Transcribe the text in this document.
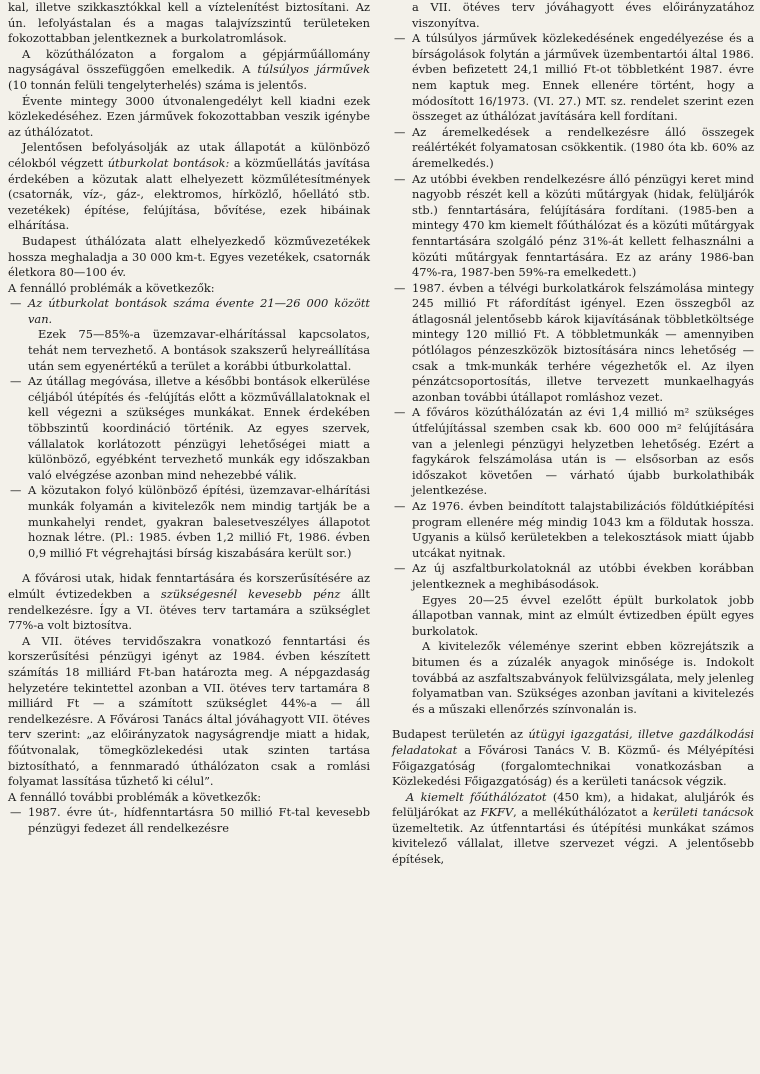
kal, illetve szikkasztókkal kell a víztelenítést biztosítani. Az ún. lefolyástalan és a magas talajvízszintű területeken fokozottabban jelentkeznek a burkolatromlások.

A közúthálózaton a forgalom a gépjárműállomány nagyságával összefüggően emelkedik. A túlsúlyos járművek (10 tonnán felüli tengelyterhelés) száma is jelentős.

Évente mintegy 3000 útvonalengedélyt kell kiadni ezek közlekedéséhez. Ezen járművek fokozottabban veszik igénybe az úthálózatot.

Jelentősen befolyásolják az utak állapotát a különböző célokból végzett útburkolat bontások: a közműellátás javítása érdekében a közutak alatt elhelyezett közműlétesítmények (csatornák, víz-, gáz-, elektromos, hírközlő, hőellátó stb. vezetékek) építése, felújítása, bővítése, ezek hibáinak elhárítása.

Budapest úthálózata alatt elhelyezkedő közművezetékek hossza meghaladja a 30 000 km-t. Egyes vezetékek, csatornák életkora 80—100 év.

A fennálló problémák a következők:

— Az útburkolat bontások száma évente 21—26 000 között van.

Ezek 75—85%-a üzemzavar-elhárítással kapcsolatos, tehát nem tervezhető. A bontások szakszerű helyreállítása után sem egyenértékű a terület a korábbi útburkolattal.

— Az útállag megóvása, illetve a későbbi bontások elkerülése céljából útépítés és -felújítás előtt a közművállalatoknak el kell végezni a szükséges munkákat. Ennek érdekében többszintű koordináció történik. Az egyes szervek, vállalatok korlátozott pénzügyi lehetőségei miatt a különböző, egyébként tervezhető munkák egy időszakban való elvégzése azonban mind nehezebbé válik.

— A közutakon folyó különböző építési, üzemzavar-elhárítási munkák folyamán a kivitelezők nem mindig tartják be a munkahelyi rendet, gyakran balesetveszélyes állapotot hoznak létre. (Pl.: 1985. évben 1,2 millió Ft, 1986. évben 0,9 millió Ft végrehajtási bírság kiszabására került sor.)

A fővárosi utak, hidak fenntartására és korszerűsítésére az elmúlt évtizedekben a szükségesnél kevesebb pénz állt rendelkezésre. Így a VI. ötéves terv tartamára a szükséglet 77%-a volt biztosítva.

A VII. ötéves tervidőszakra vonatkozó fenntartási és korszerűsítési pénzügyi igényt az 1984. évben készített számítás 18 milliárd Ft-ban határozta meg. A népgazdaság helyzetére tekintettel azonban a VII. ötéves terv tartamára 8 milliárd Ft — a számított szükséglet 44%-a — áll rendelkezésre. A Fővárosi Tanács által jóváhagyott VII. ötéves terv szerint: „az előirányzatok nagyságrendje miatt a hidak, főútvonalak, tömegközlekedési utak szinten tartása biztosítható, a fennmaradó úthálózaton csak a romlási folyamat lassítása tűzhető ki célul”.

A fennálló további problémák a következők:

— 1987. évre út-, hídfenntartásra 50 millió Ft-tal kevesebb pénzügyi fedezet áll rendelkezésre

a VII. ötéves terv jóváhagyott éves előirányzatához viszonyítva.

— A túlsúlyos járművek közlekedésének engedélyezése és a bírságolások folytán a járművek üzembentartói által 1986. évben befizetett 24,1 millió Ft-ot többletként 1987. évre nem kaptuk meg. Ennek ellenére történt, hogy a módosított 16/1973. (VI. 27.) MT. sz. rendelet szerint ezen összeget az úthálózat javítására kell fordítani.

— Az áremelkedések a rendelkezésre álló összegek reálértékét folyamatosan csökkentik. (1980 óta kb. 60% az áremelkedés.)

— Az utóbbi években rendelkezésre álló pénzügyi keret mind nagyobb részét kell a közúti műtárgyak (hidak, felüljárók stb.) fenntartására, felújítására fordítani. (1985-ben a mintegy 470 km kiemelt főúthálózat és a közúti műtárgyak fenntartására szolgáló pénz 31%-át kellett felhasználni a közúti műtárgyak fenntartására. Ez az arány 1986-ban 47%-ra, 1987-ben 59%-ra emelkedett.)

— 1987. évben a télvégi burkolatkárok felszámolása mintegy 245 millió Ft ráfordítást igényel. Ezen összegből az átlagosnál jelentősebb károk kijavításának többletköltsége mintegy 120 millió Ft. A többletmunkák — amennyiben pótlólagos pénzeszközök biztosítására nincs lehetőség — csak a tmk-munkák terhére végezhetők el. Az ilyen pénzátcsoportosítás, illetve tervezett munkaelhagyás azonban további útállapot romláshoz vezet.

— A főváros közúthálózatán az évi 1,4 millió m² szükséges útfelújítással szemben csak kb. 600 000 m² felújítására van a jelenlegi pénzügyi helyzetben lehetőség. Ezért a fagykárok felszámolása után is — elsősorban az esős időszakot követően — várható újabb burkolathibák jelentkezése.

— Az 1976. évben beindított talajstabilizációs földútkiépítési program ellenére még mindig 1043 km a földutak hossza. Ugyanis a külső kerületekben a telekosztások miatt újabb utcákat nyitnak.

— Az új aszfaltburkolatoknál az utóbbi években korábban jelentkeznek a meghibásodások.

Egyes 20—25 évvel ezelőtt épült burkolatok jobb állapotban vannak, mint az elmúlt évtizedben épült egyes burkolatok.

A kivitelezők véleménye szerint ebben közrejátszik a bitumen és a zúzalék anyagok minősége is. Indokolt továbbá az aszfaltszabványok felülvizsgálata, mely jelenleg folyamatban van. Szükséges azonban javítani a kivitelezés és a műszaki ellenőrzés színvonalán is.

Budapest területén az útügyi igazgatási, illetve gazdálkodási feladatokat a Fővárosi Tanács V. B. Közmű- és Mélyépítési Főigazgatóság (forgalomtechnikai vonatkozásban a Közlekedési Főigazgatóság) és a kerületi tanácsok végzik.

A kiemelt főúthálózatot (450 km), a hidakat, aluljárók és felüljárókat az FKFV, a mellékúthálózatot a kerületi tanácsok üzemeltetik. Az útfenntartási és útépítési munkákat számos kivitelező vállalat, illetve szervezet végzi. A jelentősebb építések,
